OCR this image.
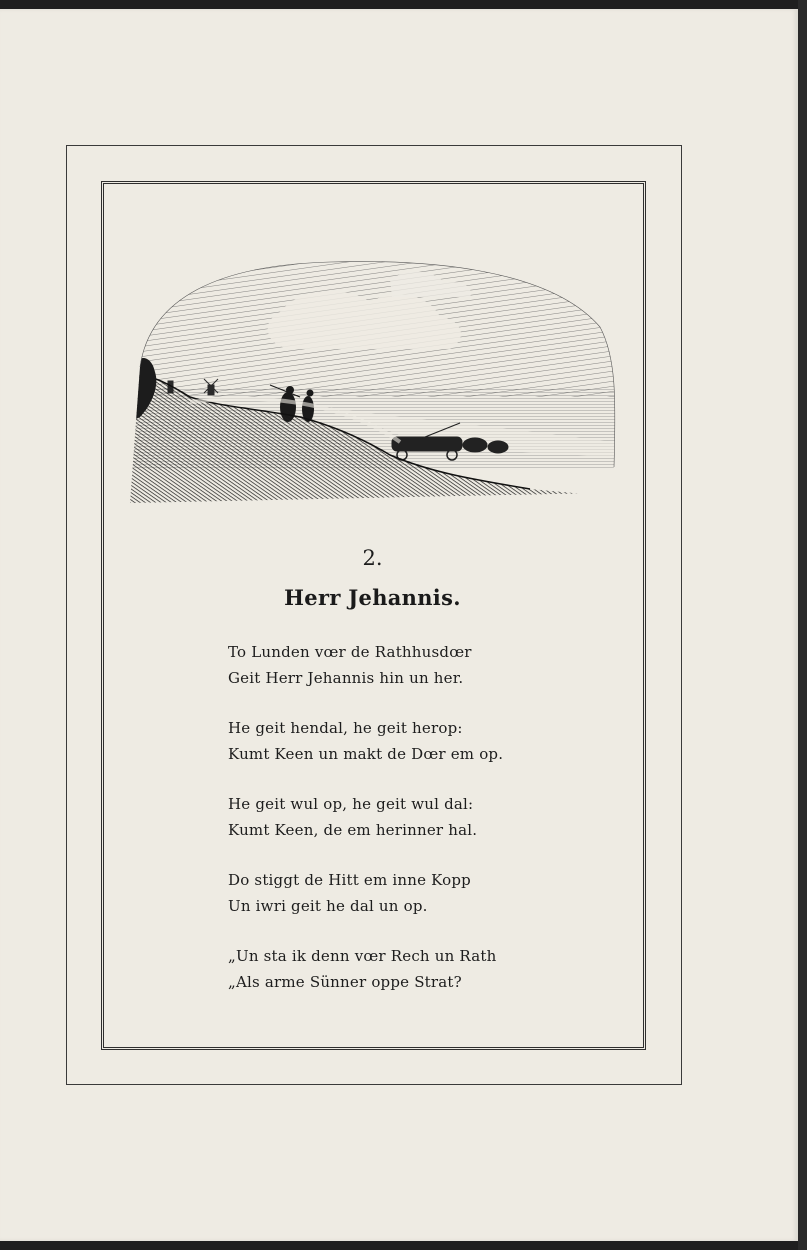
2.
Herr Jehannis.
To Lunden vœr de Rathhusdœr
Geit Herr Jehannis hin un her.
He geit hendal, he geit herop:
Kumt Keen un makt de Dœr em op.
He geit wul op, he geit wul dal:
Kumt Keen, de em herinner hal.
Do stiggt de Hitt em inne Kopp
Un iwri geit he dal un op.
„Un sta ik denn vœr Rech un Rath
„Als arme Sünner oppe Strat?
